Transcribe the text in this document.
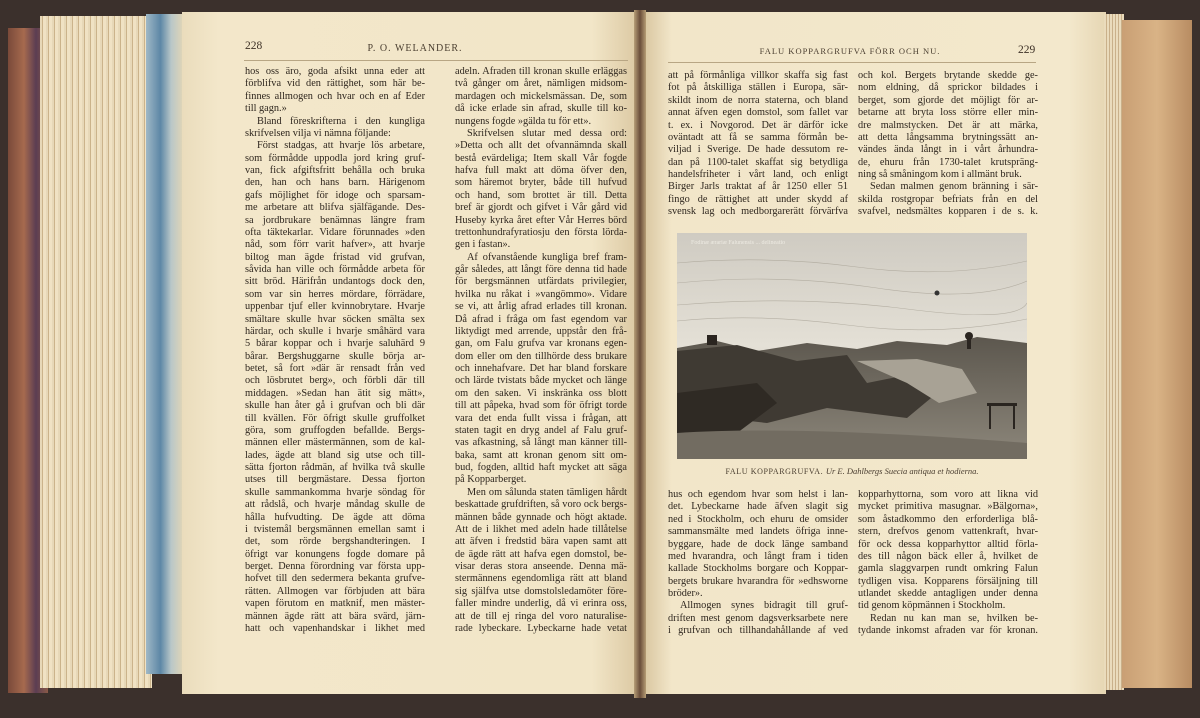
228	P. O. WELANDER.	FALU KOPPARGRUFVA FÖRR OCH NU.	229
hos oss äro, goda afsikt unna eder att
förblifva vid den rättighet, som här be-
finnes allmogen och hvar och en af Eder
till gagn.»
Bland föreskrifterna i den kungliga
skrifvelsen vilja vi nämna följande:
Först stadgas, att hvarje lös arbetare,
som förmådde uppodla jord kring gruf-
van, fick afgiftsfritt behålla och bruka
den, han och hans barn. Härigenom
gafs möjlighet för idoge och sparsam-
me arbetare att blifva själfägande. Des-
sa jordbrukare benämnas längre fram
ofta täktekarlar. Vidare förunnades »den
nåd, som förr varit hafver», att hvarje
biltog man ägde fristad vid grufvan,
såvida han ville och förmådde arbeta för
sitt bröd. Härifrån undantogs dock den,
som var sin herres mördare, förrädare,
uppenbar tjuf eller kvinnobrytare. Hvarje
smältare skulle hvar söcken smälta sex
härdar, och skulle i hvarje småhärd vara
5 bårar koppar och i hvarje saluhärd 9
bårar. Bergshuggarne skulle börja ar-
betet, så fort »där är rensadt från ved
och lösbrutet berg», och förbli där till
middagen. »Sedan han ätit sig mätt»,
skulle han åter gå i grufvan och bli där
till kvällen. För öfrigt skulle gruffolket
göra, som gruffogden befallde. Bergs-
männen eller mästermännen, som de kal-
lades, ägde att bland sig utse och till-
sätta fjorton rådmän, af hvilka två skulle
utses till bergmästare. Dessa fjorton
skulle sammankomma hvarje söndag för
att rådslå, och hvarje måndag skulle de
hålla hufvudting. De ägde att döma
i tvistemål bergsmännen emellan samt i
det, som rörde bergshandteringen. I
öfrigt var konungens fogde domare på
berget. Denna förordning var första upp-
hofvet till den sedermera bekanta grufve-
rätten. Allmogen var förbjuden att bära
vapen förutom en matknif, men mäster-
männen ägde rätt att bära svärd, järn-
hatt och vapenhandskar i likhet med
adeln. Afraden till kronan skulle erläggas
två gånger om året, nämligen midsom-
mardagen och mickelsmässan. De, som
då icke erlade sin afrad, skulle till ko-
nungens fogde »gälda tu för ett».
Skrifvelsen slutar med dessa ord:
»Detta och allt det ofvannämnda skall
bestå evärdeliga; Item skall Vår fogde
hafva full makt att döma öfver den,
som häremot bryter, både till hufvud
och hand, som brottet är till. Detta
bref är gjordt och gifvet i Vår gård vid
Huseby kyrka året efter Vår Herres börd
trettonhundrafyratiosju den första lörda-
gen i fastan».
Af ofvanstående kungliga bref fram-
går således, att långt före denna tid hade
för bergsmännen utfärdats privilegier,
hvilka nu råkat i »vangömmo». Vidare
se vi, att årlig afrad erlades till kronan.
Då afrad i fråga om fast egendom var
liktydigt med arrende, uppstår den frå-
gan, om Falu grufva var kronans egen-
dom eller om den tillhörde dess brukare
och innehafvare. Det har bland forskare
och lärde tvistats både mycket och länge
om den saken. Vi inskränka oss blott
till att påpeka, hvad som för öfrigt torde
vara det enda fullt vissa i frågan, att
staten tagit en dryg andel af Falu gruf-
vas afkastning, så långt man känner till-
baka, samt att kronan genom sitt om-
bud, fogden, alltid haft mycket att säga
på Kopparberget.
Men om sålunda staten tämligen hårdt
beskattade grufdriften, så voro ock bergs-
männen både gynnade och högt aktade.
Att de i likhet med adeln hade tillåtelse
att äfven i fredstid bära vapen samt att
de ägde rätt att hafva egen domstol, be-
visar deras stora anseende. Denna mä-
stermännens egendomliga rätt att bland
sig själfva utse domstolsledamöter före-
faller mindre underlig, då vi erinra oss,
att de till ej ringa del voro naturalise-
rade lybeckare. Lybeckarne hade vetat
att på förmånliga villkor skaffa sig fast
fot på åtskilliga ställen i Europa, sär-
skildt inom de norra staterna, och bland
annat äfven egen domstol, som fallet var
t. ex. i Novgorod. Det är därför icke
oväntadt att få se samma förmån be-
viljad i Sverige. De hade dessutom re-
dan på 1100-talet skaffat sig betydliga
handelsfriheter i vårt land, och enligt
Birger Jarls traktat af år 1250 eller 51
fingo de rättighet att under skydd af
svensk lag och medborgarerätt förvärfva
och kol. Bergets brytande skedde ge-
nom eldning, då sprickor bildades i
berget, som gjorde det möjligt för ar-
betarne att bryta loss större eller min-
dre malmstycken. Det är att märka,
att detta långsamma brytningssätt an-
vändes ända långt in i vårt århundra-
de, ehuru från 1730-talet krutspräng-
ning så småningom kom i allmänt bruk.
Sedan malmen genom bränning i sär-
skilda rostgropar befriats från en del
svafvel, nedsmältes kopparen i de s. k.
hus och egendom hvar som helst i lan-
det. Lybeckarne hade äfven slagit sig
ned i Stockholm, och ehuru de omsider
sammansmälte med landets öfriga inne-
byggare, hade de dock länge samband
med hvarandra, och långt fram i tiden
kallade Stockholms borgare och Koppar-
bergets brukare hvarandra för »edhsworne
bröder».
Allmogen synes bidragit till gruf-
driften mest genom dagsverksarbete nere
i grufvan och tillhandahållande af ved
kopparhyttorna, som voro att likna vid
mycket primitiva masugnar. »Bälgorna»,
som åstadkommo den erforderliga blå-
stern, drefvos genom vattenkraft, hvar-
för ock dessa kopparhyttor alltid förla-
des till någon bäck eller å, hvilket de
gamla slaggvarpen rundt omkring Falun
tydligen visa. Kopparens försäljning till
utlandet skedde antagligen under denna
tid genom köpmännen i Stockholm.
Redan nu kan man se, hvilken be-
tydande inkomst afraden var för kronan.
Fodinæ ærariæ Falunensis ... delineatio
FALU KOPPARGRUFVA. Ur E. Dahlbergs Suecia antiqua et hodierna.
